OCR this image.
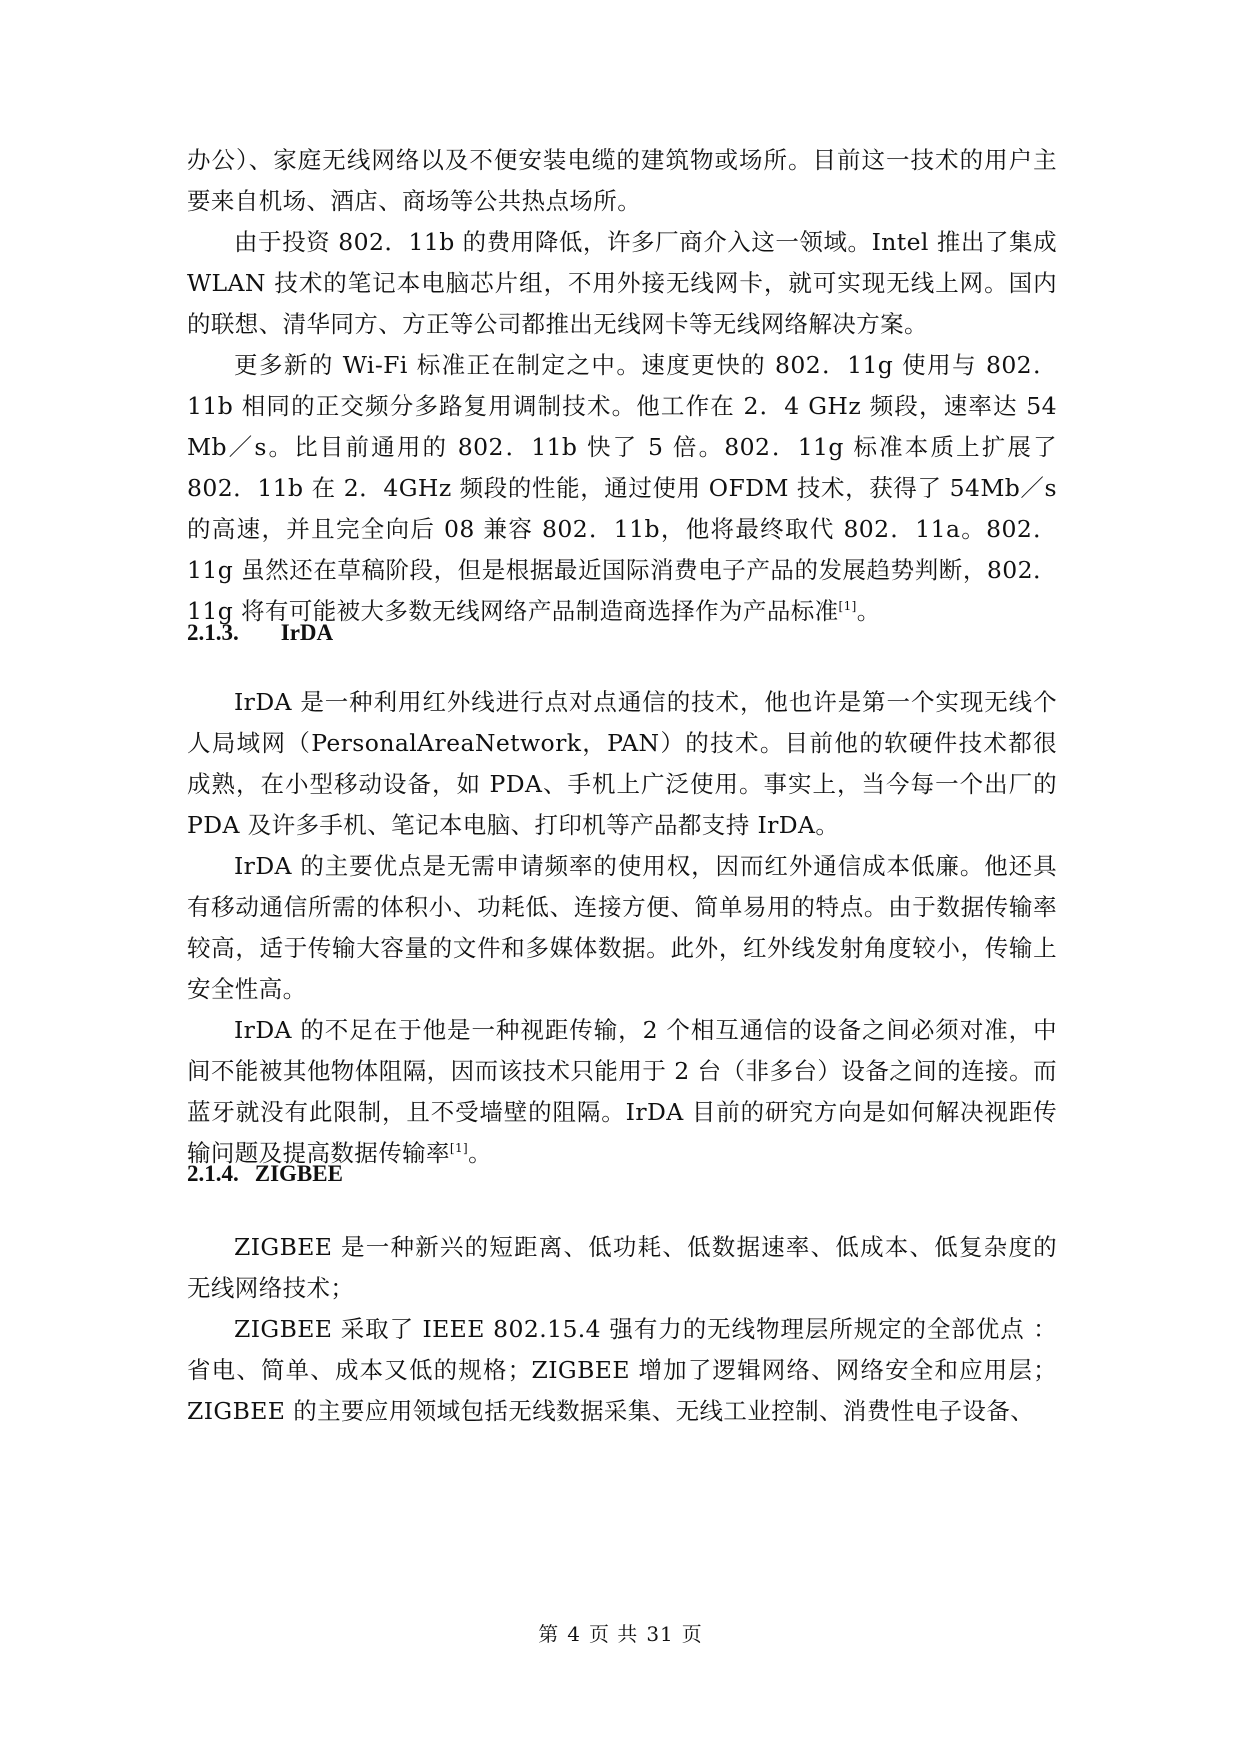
办公）、家庭无线网络以及不便安装电缆的建筑物或场所。目前这一技术的用户主要来自机场、酒店、商场等公共热点场所。

由于投资 802．11b 的费用降低，许多厂商介入这一领域。Intel 推出了集成 WLAN 技术的笔记本电脑芯片组，不用外接无线网卡，就可实现无线上网。国内的联想、清华同方、方正等公司都推出无线网卡等无线网络解决方案。

更多新的 Wi-Fi 标准正在制定之中。速度更快的 802．11g 使用与 802．11b 相同的正交频分多路复用调制技术。他工作在 2．4 GHz 频段，速率达 54 Mb／s。比目前通用的 802．11b 快了 5 倍。802．11g 标准本质上扩展了 802．11b 在 2．4GHz 频段的性能，通过使用 OFDM 技术，获得了 54Mb／s 的高速，并且完全向后 08 兼容 802．11b，他将最终取代 802．11a。802．11g 虽然还在草稿阶段，但是根据最近国际消费电子产品的发展趋势判断，802．11g 将有可能被大多数无线网络产品制造商选择作为产品标准[1]。

2.1.3. IrDA

IrDA 是一种利用红外线进行点对点通信的技术，他也许是第一个实现无线个人局域网（PersonalAreaNetwork，PAN）的技术。目前他的软硬件技术都很成熟，在小型移动设备，如 PDA、手机上广泛使用。事实上，当今每一个出厂的 PDA 及许多手机、笔记本电脑、打印机等产品都支持 IrDA。

IrDA 的主要优点是无需申请频率的使用权，因而红外通信成本低廉。他还具有移动通信所需的体积小、功耗低、连接方便、简单易用的特点。由于数据传输率较高，适于传输大容量的文件和多媒体数据。此外，红外线发射角度较小，传输上安全性高。

IrDA 的不足在于他是一种视距传输，2 个相互通信的设备之间必须对准，中间不能被其他物体阻隔，因而该技术只能用于 2 台（非多台）设备之间的连接。而蓝牙就没有此限制，且不受墙壁的阻隔。IrDA 目前的研究方向是如何解决视距传输问题及提高数据传输率[1]。

2.1.4. ZIGBEE

ZIGBEE 是一种新兴的短距离、低功耗、低数据速率、低成本、低复杂度的无线网络技术；

ZIGBEE 采取了 IEEE 802.15.4 强有力的无线物理层所规定的全部优点 ：省电、简单、成本又低的规格；ZIGBEE 增加了逻辑网络、网络安全和应用层；ZIGBEE 的主要应用领域包括无线数据采集、无线工业控制、消费性电子设备、

第 4 页 共 31 页
